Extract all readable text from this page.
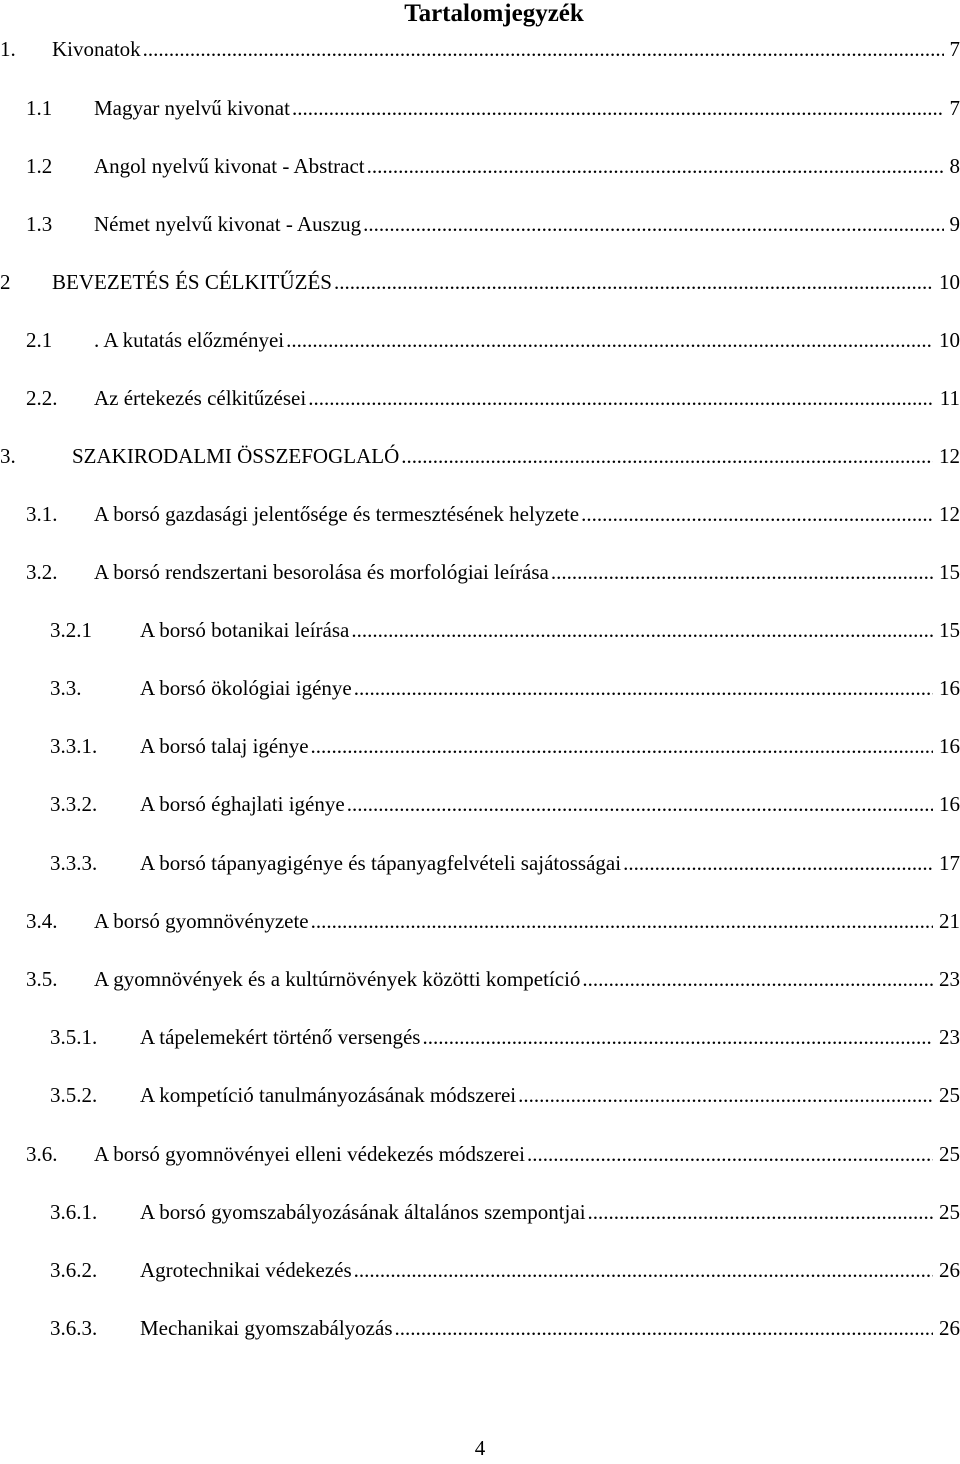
Tartalomjegyzék
1.	Kivonatok .....	7
1.1	Magyar nyelvű kivonat .....	7
1.2	Angol nyelvű kivonat - Abstract .....	8
1.3	Német nyelvű kivonat - Auszug .....	9
2	BEVEZETÉS ÉS CÉLKITŰZÉS .....	10
2.1	. A kutatás előzményei .....	10
2.2.	Az értekezés célkitűzései .....	11
3.	SZAKIRODALMI ÖSSZEFOGLALÓ .....	12
3.1.	A borsó gazdasági jelentősége és termesztésének helyzete .....	12
3.2.	A borsó rendszertani besorolása és morfológiai leírása .....	15
3.2.1	A borsó botanikai leírása .....	15
3.3.	A borsó ökológiai igénye .....	16
3.3.1.	A borsó talaj igénye .....	16
3.3.2.	A borsó éghajlati igénye .....	16
3.3.3.	A borsó tápanyagigénye és tápanyagfelvételi sajátosságai .....	17
3.4.	A borsó gyomnövényzete .....	21
3.5.	A gyomnövények és a kultúrnövények közötti kompetíció .....	23
3.5.1.	A tápelemekért történő versengés .....	23
3.5.2.	A kompetíció tanulmányozásának módszerei .....	25
3.6.	A borsó gyomnövényei elleni védekezés módszerei .....	25
3.6.1.	A borsó gyomszabályozásának általános szempontjai .....	25
3.6.2.	Agrotechnikai védekezés .....	26
3.6.3.	Mechanikai gyomszabályozás .....	26
4
